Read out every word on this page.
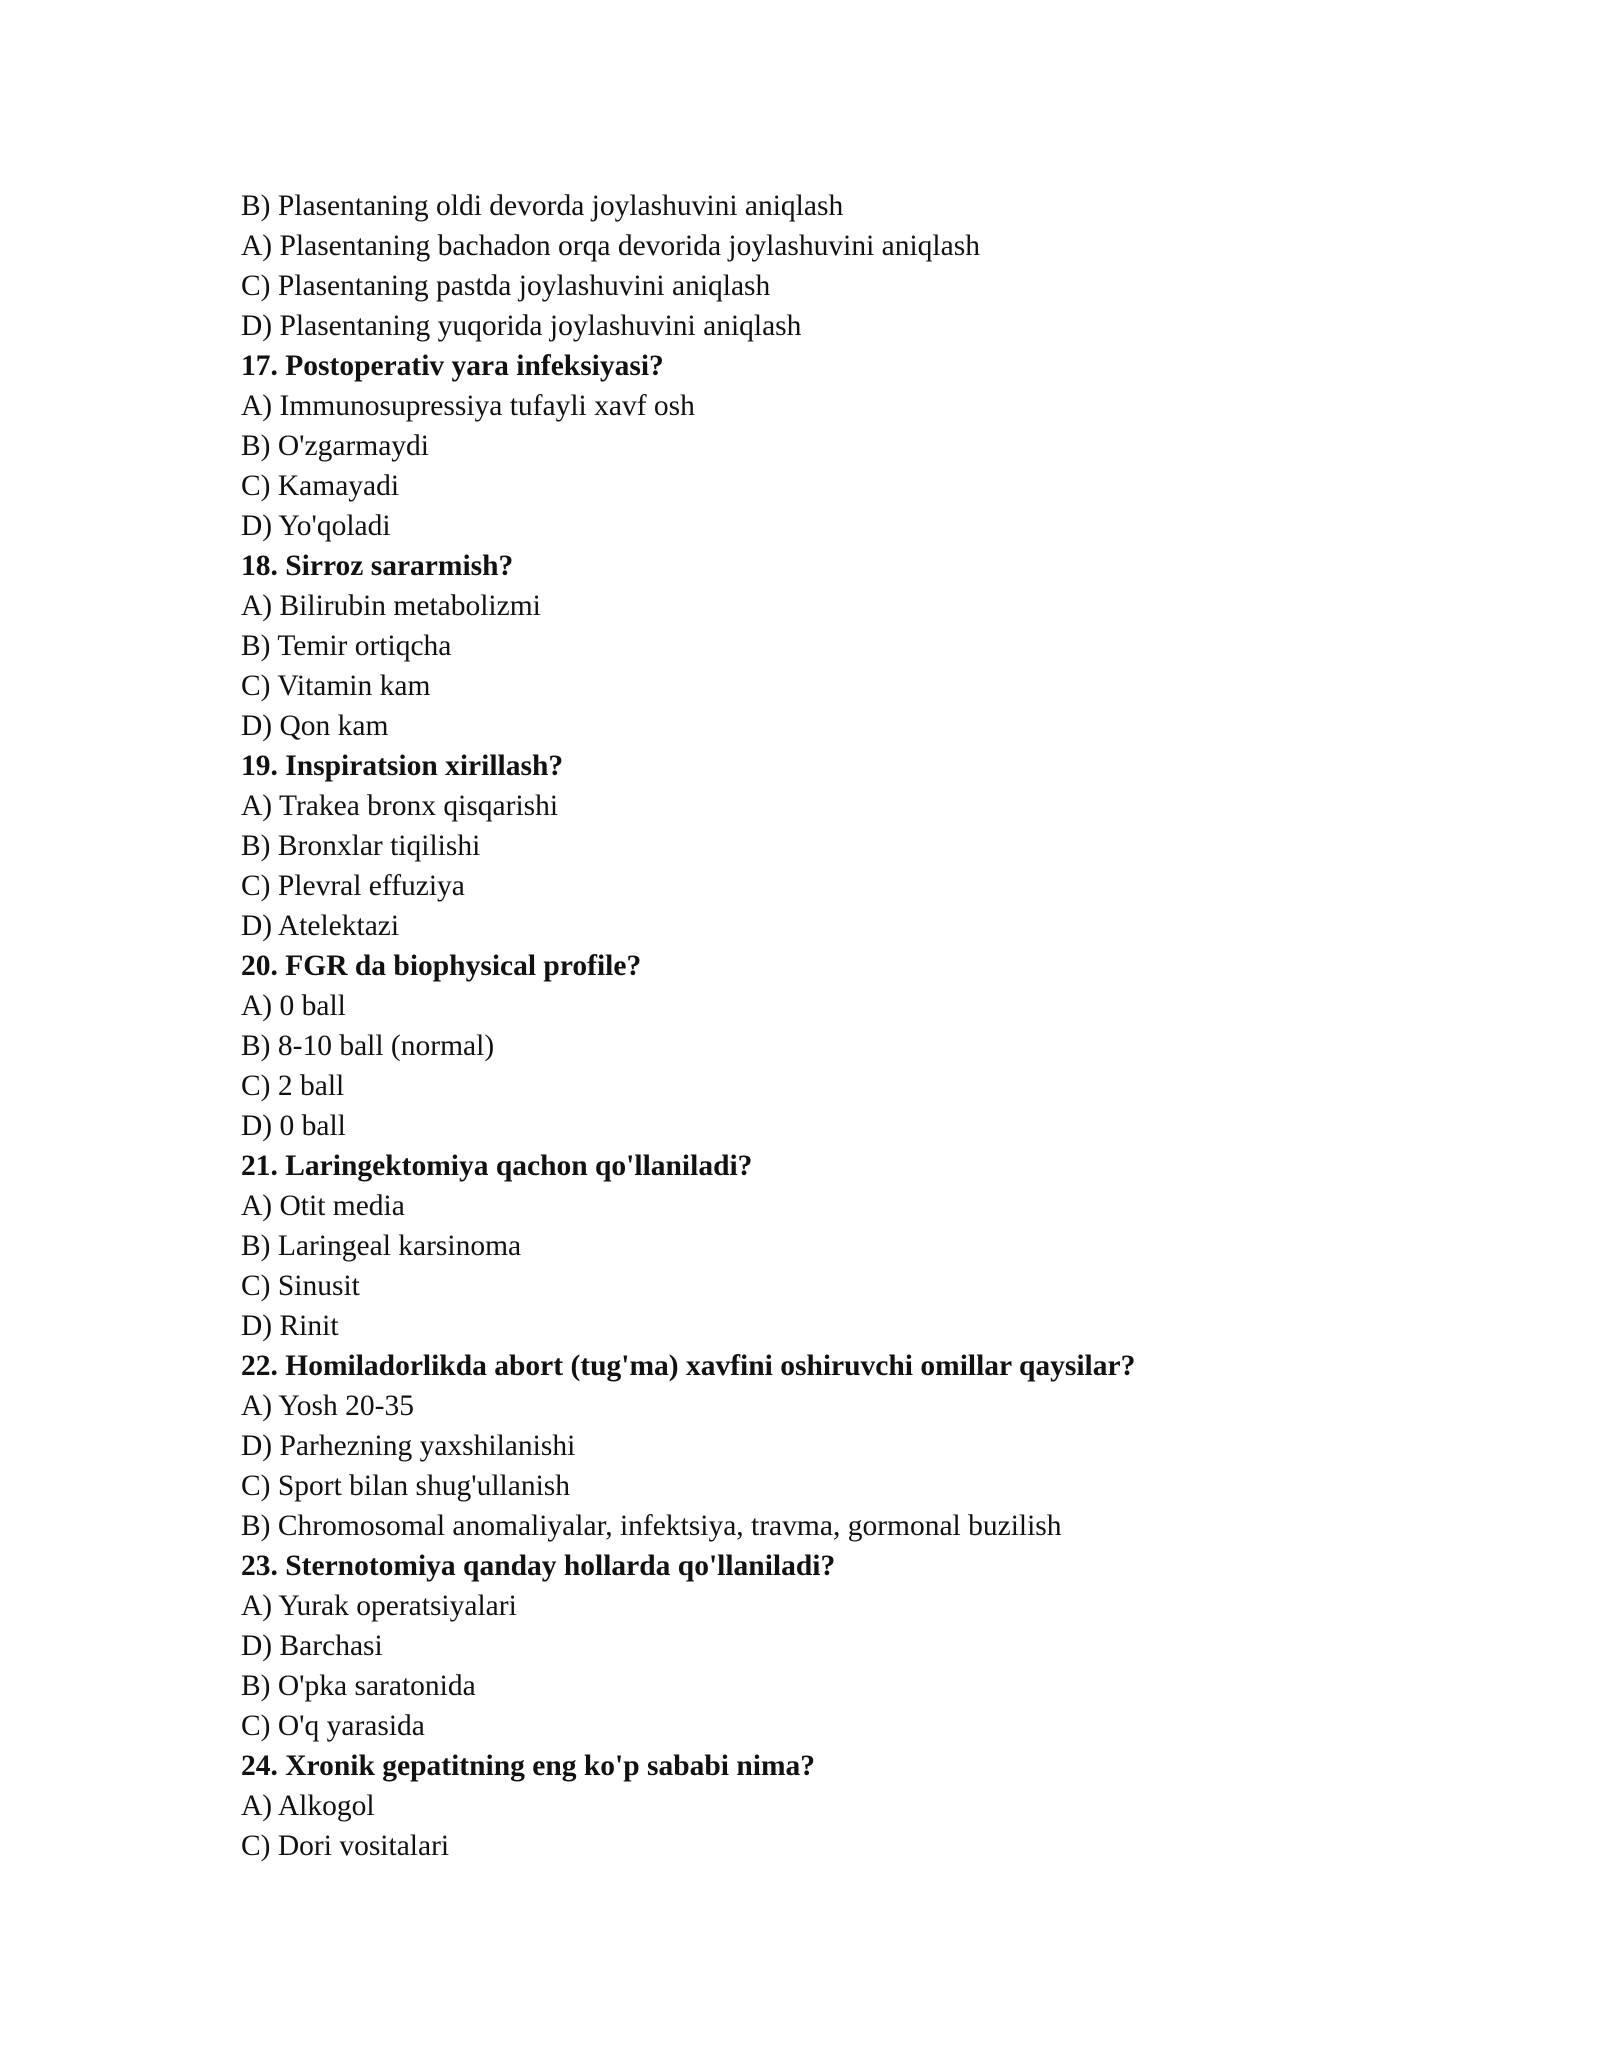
B) Plasentaning oldi devorda joylashuvini aniqlash
A) Plasentaning bachadon orqa devorida joylashuvini aniqlash
C) Plasentaning pastda joylashuvini aniqlash
D) Plasentaning yuqorida joylashuvini aniqlash
17. Postoperativ yara infeksiyasi?
A) Immunosupressiya tufayli xavf osh
B) O'zgarmaydi
C) Kamayadi
D) Yo'qoladi
18. Sirroz sararmish?
A) Bilirubin metabolizmi
B) Temir ortiqcha
C) Vitamin kam
D) Qon kam
19. Inspiratsion xirillash?
A) Trakea bronx qisqarishi
B) Bronxlar tiqilishi
C) Plevral effuziya
D) Atelektazi
20. FGR da biophysical profile?
A) 0 ball
B) 8-10 ball (normal)
C) 2 ball
D) 0 ball
21. Laringektomiya qachon qo'llaniladi?
A) Otit media
B) Laringeal karsinoma
C) Sinusit
D) Rinit
22. Homiladorlikda abort (tug'ma) xavfini oshiruvchi omillar qaysilar?
A) Yosh 20-35
D) Parhezning yaxshilanishi
C) Sport bilan shug'ullanish
B) Chromosomal anomaliyalar, infektsiya, travma, gormonal buzilish
23. Sternotomiya qanday hollarda qo'llaniladi?
A) Yurak operatsiyalari
D) Barchasi
B) O'pka saratonida
C) O'q yarasida
24. Xronik gepatitning eng ko'p sababi nima?
A) Alkogol
C) Dori vositalari
